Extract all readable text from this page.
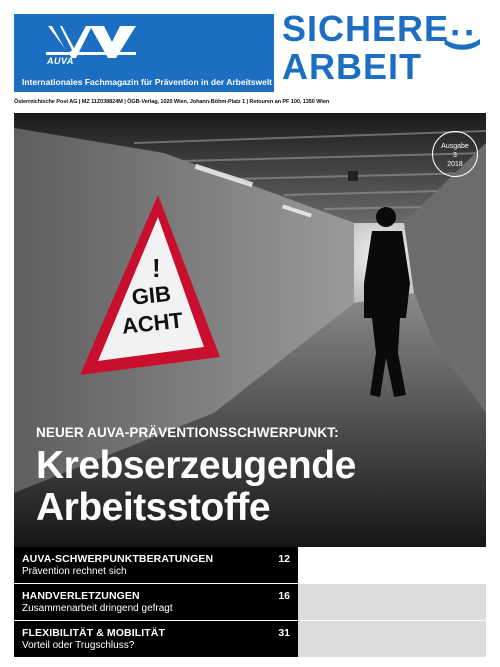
AUVA
Internationales Fachmagazin für Prävention in der Arbeitswelt
SICHERE
ARBEIT
:)
Österreichische Post AG | MZ 11Z038824M | ÖGB-Verlag, 1020 Wien, Johann-Böhm-Platz 1 | Retouren an PF 100, 1350 Wien
!
GIB
ACHT
Ausgabe
3
2018
NEUER AUVA-PRÄVENTIONSSCHWERPUNKT:
Krebserzeugende
Arbeitsstoffe
AUVA-SCHWERPUNKTBERATUNGEN
Prävention rechnet sich
12
HANDVERLETZUNGEN
Zusammenarbeit dringend gefragt
16
FLEXIBILITÄT & MOBILITÄT
Vorteil oder Trugschluss?
31
